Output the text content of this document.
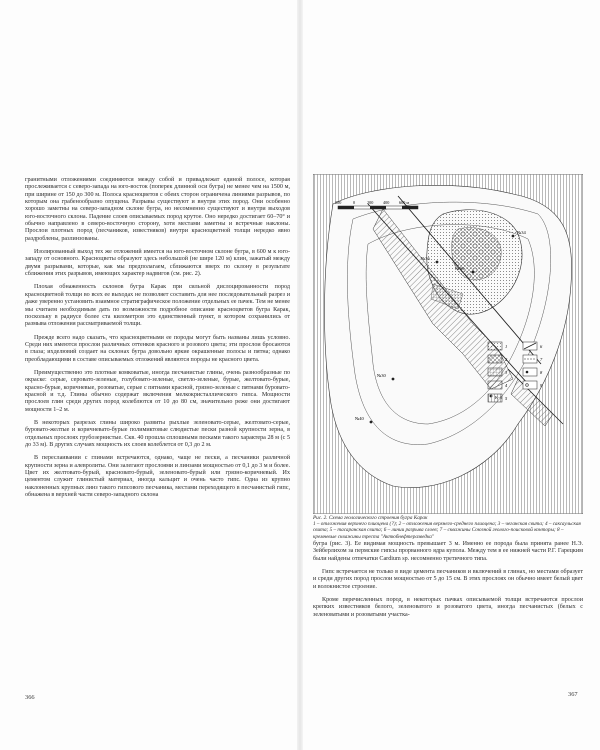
гранитными отложениями соединяются между собой и привадлежат единой полосе, которая прослеживается с северо-запада на юго-восток (поперек длинной оси бугра) не менее чем на 1500 м, при ширине от 150 до 300 м. Полоса красноцветов с обеих сторон ограничена линиями разрывов, по которым она грабенообразно опущена. Разрывы существуют и внутри этих пород. Они особенно хорошо заметны на северо-западном склоне бугра, но несомненно существуют и внутри выходов юго-восточного склона. Падение слоев описываемых пород крутое. Оно нередко достигает 60–70° и обычно направлено в северо-восточную сторону, хотя местами заметны и встречные наклоны. Прослои плотных пород (песчаников, известняков) внутри красноцветной толщи нередко явно раздроблены, разлинзованы.

Изолированный выход тех же отложений имеется на юго-восточном склоне бугра, в 600 м к юго-западу от основного. Красноцветы образуют здесь небольшой (не шире 120 м) клин, зажатый между двумя разрывами, которые, как мы предполагаем, сближаются вверх по склону в результате сближения этих разрывов, имеющих характер надвигов (см. рис. 2).

Плохая обнаженность склонов бугра Карак при сильной дислоцированности пород красноцветной толщи во всех ее выходах не позволяет составить для нее последовательный разрез и даже уверенно установить взаимное стратиграфическое положение отдельных ее пачек. Тем не менее мы считаем необходимым дать по возможности подробное описание красноцветов бугра Карак, поскольку в радиусе более ста километров это единственный пункт, в котором сохранились от размыва отложения рассматриваемой толщи.

Прежде всего надо сказать, что красноцветными ее породы могут быть названы лишь условно. Среди них имеются прослои различных оттенков красного и розового цвета; эти прослои бросаются в глаза; ихделювий создает на склонах бугра довольно яркие окрашенные полосы и пятна; однако преобладающими в составе описываемых отложений являются породы не красного цвета.

Преимущественно это плотные комковатые, иногда песчанистые глины, очень разнообразные по окраске: серые, серовато-зеленые, голубовато-зеленые, светло-зеленые, бурые, желтовато-бурые, красно-бурые, коричневые, розоватые, серые с пятнами красной, грязно-зеленые с пятнами буровато-красной и т.д. Глины обычно содержат включения мелкокристаллического гипса. Мощности прослоев глин среди других пород колеблются от 10 до 80 см, значительно реже они достигают мощности 1–2 м.

В некоторых разрезах глины широко развиты рыхлые зеленовато-серые, желтовато-серые, буровато-желтые и коричневато-бурые полимиктовые слюдистые пески разной крупности зерна, в отдельных прослоях грубозернистые. Скв. 40 прошла сплошными песками такого характера 28 м (с 5 до 33 м). В других случаях мощность их слоев колеблется от 0,3 до 2 м.

В переслаивании с глинами встречаются, однако, чаще не пески, а песчаники различной крупности зерна и алевролиты. Они залегают прослоями и линзами мощностью от 0,1 до 3 м и более. Цвет их желтовато-бурый, красновато-бурый, зеленовато-бурый или грязно-коричневый. Их цементом служит глинистый материал, иногда кальцит и очень часто гипс. Одна из крупно наклоненных крупных линз такого гипсового песчаника, местами переходящего в песчанистый гипс, обнажена в верхней части северо-западного склона

366
200	0	200 400 600 м
№36
№38
№34
№30
№40
1
2
3
4
5
6
7
8
9
Рис. 2. Схема геологического строения бугра Карак
1 – отложения верхнего плиоцена (?); 2 – отложения верхнего-среднего плиоцена; 3 – чеганская свита; 4 – саксаульская свита; 5 – тасаранская свита; 6 – линии разрыва слоев; 7 – скважины Союзной геолого-поисковой конторы; 8 – кремневые скважины треста "Актюбнефтеразведка"

бугра (рис. 3). Ее видимая мощность превышает 3 м. Именно ее порода была принята ранее Н.Э. Зейберлихом за пермские гипсы прорванного ядра купола. Между тем в ее нижней части Р.Г. Гарецким были найдены отпечатки Cardium sp. несомненно третичного типа.

Гипс встречается не только в виде цемента песчаников и включений в глинах, но местами образует и среди других пород прослои мощностью от 5 до 15 см. В этих прослоях он обычно имеет белый цвет и волокнистое строение.

Кроме перечисленных пород, в некоторых пачках описываемой толщи встречаются прослои крепких известняков белого, зеленоватого и розоватого цвета, иногда песчанистых (белых с зеленоватыми и розоватыми участка-

367
